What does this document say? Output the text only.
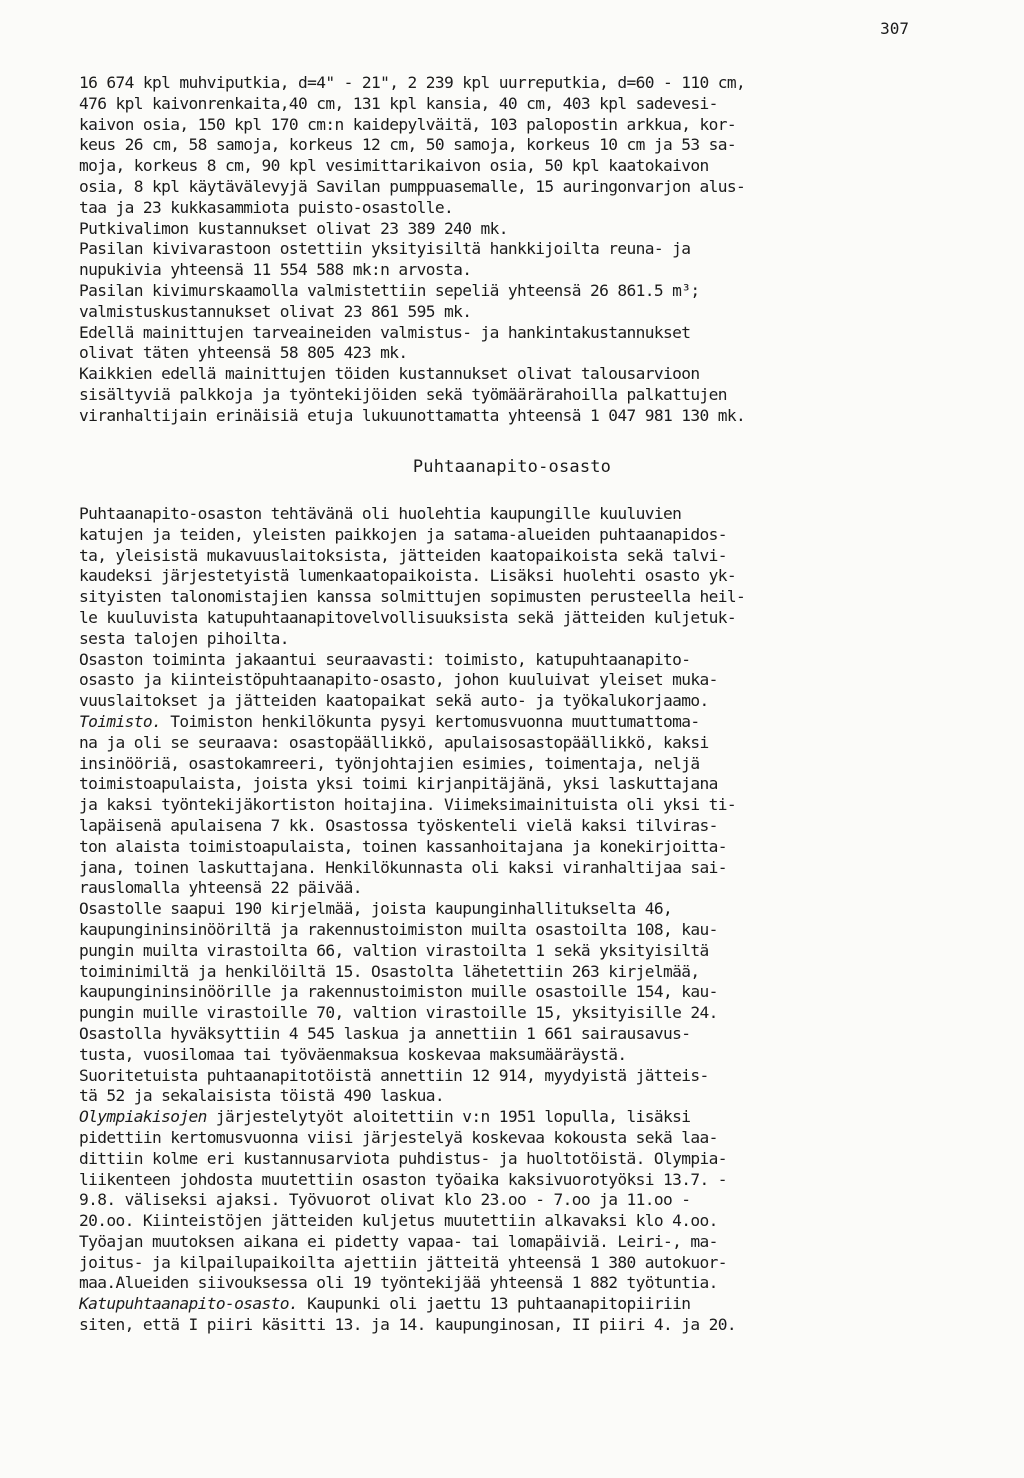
307
16 674 kpl muhviputkia, d=4" - 21", 2 239 kpl uurreputkia, d=60 - 110 cm,
476 kpl kaivonrenkaita,40 cm, 131 kpl kansia, 40 cm, 403 kpl sadevesi-
kaivon osia, 150 kpl 170 cm:n kaidepylväitä, 103 palopostin arkkua, kor-
keus 26 cm, 58 samoja, korkeus 12 cm, 50 samoja, korkeus 10 cm ja 53 sa-
moja, korkeus 8 cm, 90 kpl vesimittarikaivon osia, 50 kpl kaatokaivon
osia, 8 kpl käytävälevyjä Savilan pumppuasemalle, 15 auringonvarjon alus-
taa ja 23 kukkasammiota puisto-osastolle.
Putkivalimon kustannukset olivat 23 389 240 mk.
Pasilan kivivarastoon ostettiin yksityisiltä hankkijoilta reuna- ja
nupukivia yhteensä 11 554 588 mk:n arvosta.
Pasilan kivimurskaamolla valmistettiin sepeliä yhteensä 26 861.5 m³;
valmistuskustannukset olivat 23 861 595 mk.
Edellä mainittujen tarveaineiden valmistus- ja hankintakustannukset
olivat täten yhteensä 58 805 423 mk.
Kaikkien edellä mainittujen töiden kustannukset olivat talousarvioon
sisältyviä palkkoja ja työntekijöiden sekä työmäärärahoilla palkattujen
viranhaltijain erinäisiä etuja lukuunottamatta yhteensä 1 047 981 130 mk.
Puhtaanapito-osasto
Puhtaanapito-osaston tehtävänä oli huolehtia kaupungille kuuluvien
katujen ja teiden, yleisten paikkojen ja satama-alueiden puhtaanapidos-
ta, yleisistä mukavuuslaitoksista, jätteiden kaatopaikoista sekä talvi-
kaudeksi järjestetyistä lumenkaatopaikoista. Lisäksi huolehti osasto yk-
sityisten talonomistajien kanssa solmittujen sopimusten perusteella heil-
le kuuluvista katupuhtaanapitovelvollisuuksista sekä jätteiden kuljetuk-
sesta talojen pihoilta.
Osaston toiminta jakaantui seuraavasti: toimisto, katupuhtaanapito-
osasto ja kiinteistöpuhtaanapito-osasto, johon kuuluivat yleiset muka-
vuuslaitokset ja jätteiden kaatopaikat sekä auto- ja työkalukorjaamo.
Toimisto. Toimiston henkilökunta pysyi kertomusvuonna muuttumattoma-
na ja oli se seuraava: osastopäällikkö, apulaisosastopäällikkö, kaksi
insinööriä, osastokamreeri, työnjohtajien esimies, toimentaja, neljä
toimistoapulaista, joista yksi toimi kirjanpitäjänä, yksi laskuttajana
ja kaksi työntekijäkortiston hoitajina. Viimeksimainituista oli yksi ti-
lapäisenä apulaisena 7 kk. Osastossa työskenteli vielä kaksi tilviras-
ton alaista toimistoapulaista, toinen kassanhoitajana ja konekirjoitta-
jana, toinen laskuttajana. Henkilökunnasta oli kaksi viranhaltijaa sai-
rauslomalla yhteensä 22 päivää.
Osastolle saapui 190 kirjelmää, joista kaupunginhallitukselta 46,
kaupungininsinööriltä ja rakennustoimiston muilta osastoilta 108, kau-
pungin muilta virastoilta 66, valtion virastoilta 1 sekä yksityisiltä
toiminimiltä ja henkilöiltä 15. Osastolta lähetettiin 263 kirjelmää,
kaupungininsinöörille ja rakennustoimiston muille osastoille 154, kau-
pungin muille virastoille 70, valtion virastoille 15, yksityisille 24.
Osastolla hyväksyttiin 4 545 laskua ja annettiin 1 661 sairausavus-
tusta, vuosilomaa tai työväenmaksua koskevaa maksumääräystä.
Suoritetuista puhtaanapitotöistä annettiin 12 914, myydyistä jätteis-
tä 52 ja sekalaisista töistä 490 laskua.
Olympiakisojen järjestelytyöt aloitettiin v:n 1951 lopulla, lisäksi
pidettiin kertomusvuonna viisi järjestelyä koskevaa kokousta sekä laa-
dittiin kolme eri kustannusarviota puhdistus- ja huoltotöistä. Olympia-
liikenteen johdosta muutettiin osaston työaika kaksivuorotyöksi 13.7. -
9.8. väliseksi ajaksi. Työvuorot olivat klo 23.oo - 7.oo ja 11.oo -
20.oo. Kiinteistöjen jätteiden kuljetus muutettiin alkavaksi klo 4.oo.
Työajan muutoksen aikana ei pidetty vapaa- tai lomapäiviä. Leiri-, ma-
joitus- ja kilpailupaikoilta ajettiin jätteitä yhteensä 1 380 autokuor-
maa.Alueiden siivouksessa oli 19 työntekijää yhteensä 1 882 työtuntia.
Katupuhtaanapito-osasto. Kaupunki oli jaettu 13 puhtaanapitopiiriin
siten, että I piiri käsitti 13. ja 14. kaupunginosan, II piiri 4. ja 20.
